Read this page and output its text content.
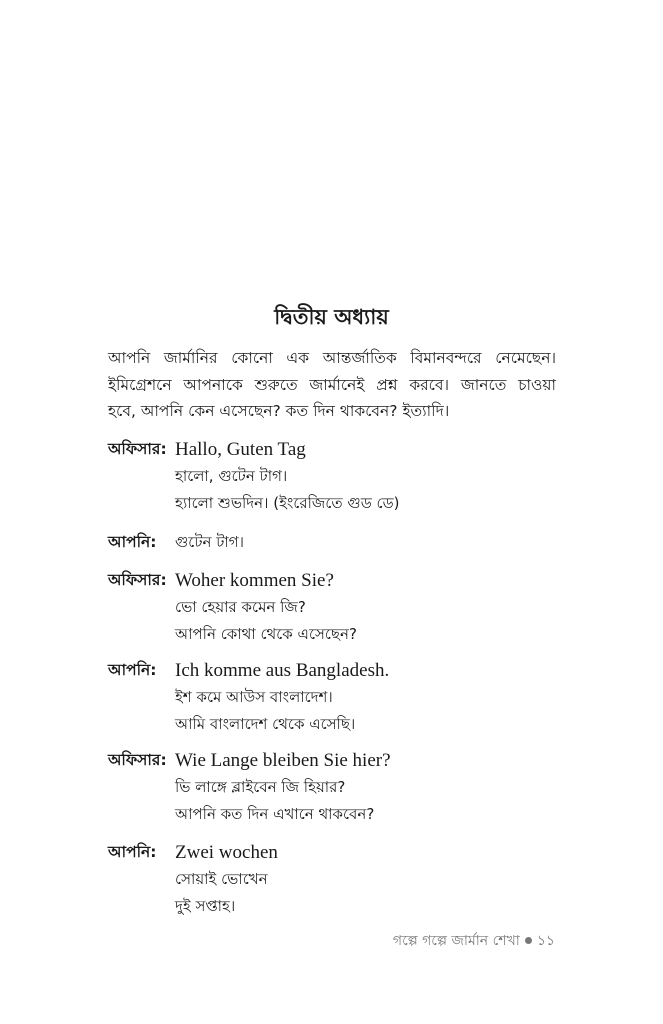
দ্বিতীয় অধ্যায়
আপনি জার্মানির কোনো এক আন্তর্জাতিক বিমানবন্দরে নেমেছেন।
ইমিগ্রেশনে আপনাকে শুরুতে জার্মানেই প্রশ্ন করবে। জানতে চাওয়া
হবে, আপনি কেন এসেছেন? কত দিন থাকবেন? ইত্যাদি।
অফিসার: Hallo, Guten Tag
হালো, গুটেন টাগ।
হ্যালো শুভদিন। (ইংরেজিতে গুড ডে)
আপনি: গুটেন টাগ।
অফিসার: Woher kommen Sie?
ভো হেয়ার কমেন জি?
আপনি কোথা থেকে এসেছেন?
আপনি: Ich komme aus Bangladesh.
ইশ কমে আউস বাংলাদেশ।
আমি বাংলাদেশ থেকে এসেছি।
অফিসার: Wie Lange bleiben Sie hier?
ভি লাঙ্গে ব্লাইবেন জি হিয়ার?
আপনি কত দিন এখানে থাকবেন?
আপনি: Zwei wochen
সোয়াই ভোখেন
দুই সপ্তাহ।
গল্পে গল্পে জার্মান শেখা ১১
